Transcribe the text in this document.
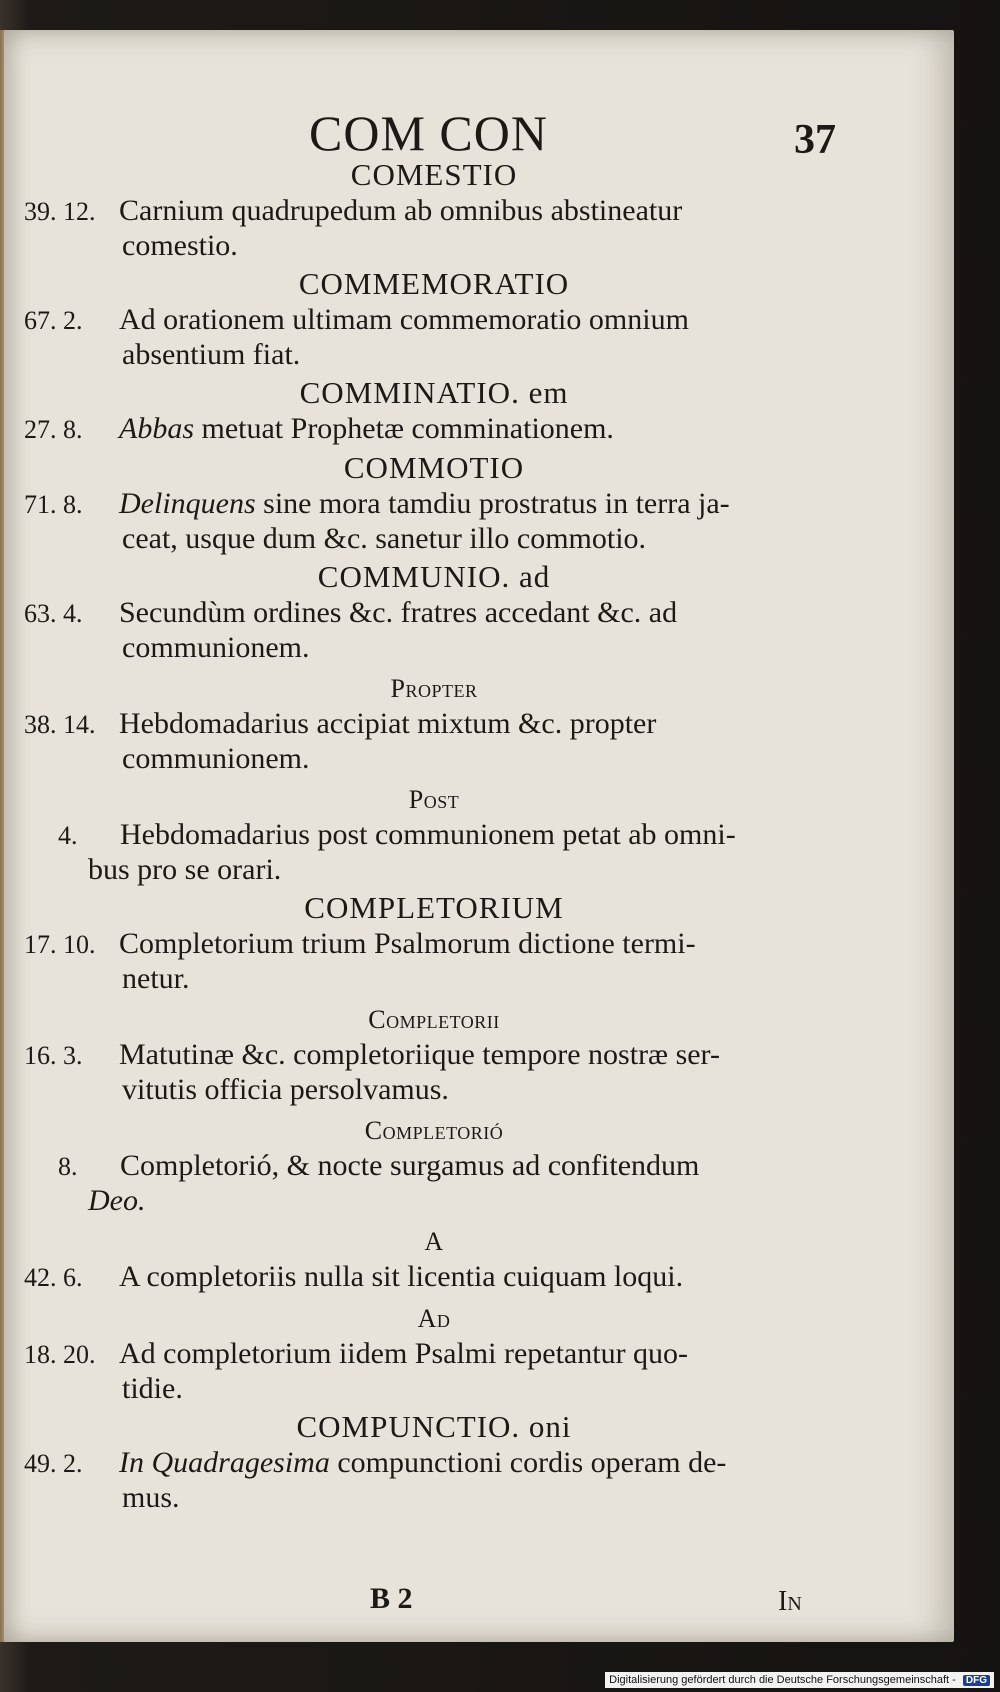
COM CON	37
COMESTIO
39. 12. Carnium quadrupedum ab omnibus abstineatur
comestio.
COMMEMORATIO
67. 2. Ad orationem ultimam commemoratio omnium
absentium fiat.
COMMINATIO. em
27. 8. Abbas metuat Prophetæ comminationem.
COMMOTIO
71. 8. Delinquens sine mora tamdiu prostratus in terra ja-
ceat, usque dum &c. sanetur illo commotio.
COMMUNIO. ad
63. 4. Secundùm ordines &c. fratres accedant &c. ad
communionem.
Propter
38. 14. Hebdomadarius accipiat mixtum &c. propter
communionem.
Post
4. Hebdomadarius post communionem petat ab omni-
bus pro se orari.
COMPLETORIUM
17. 10. Completorium trium Psalmorum dictione termi-
netur.
Completorii
16. 3. Matutinæ &c. completoriique tempore nostræ ser-
vitutis officia persolvamus.
Completorió
8. Completorió, & nocte surgamus ad confitendum
Deo.
A
42. 6. A completoriis nulla sit licentia cuiquam loqui.
Ad
18. 20. Ad completorium iidem Psalmi repetantur quo-
tidie.
COMPUNCTIO. oni
49. 2. In Quadragesima compunctioni cordis operam de-
mus.
B 2	In
Digitalisierung gefördert durch die Deutsche Forschungsgemeinschaft - DFG
